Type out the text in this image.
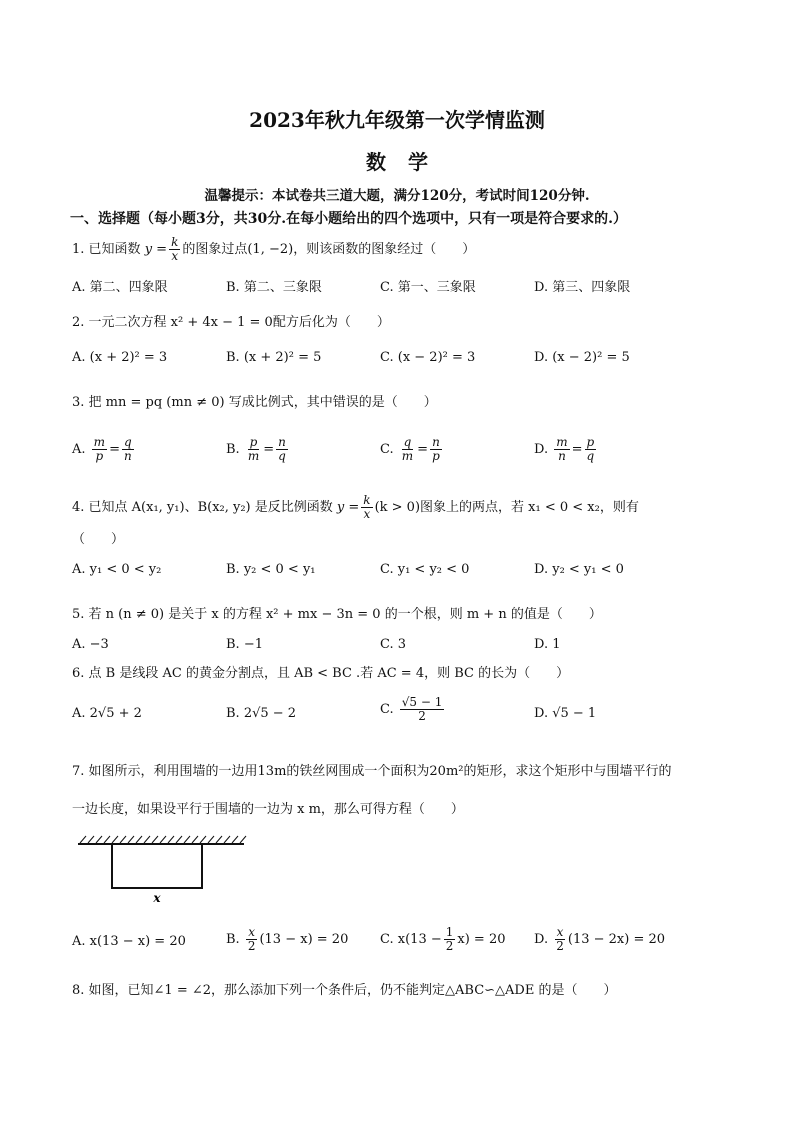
2023年秋九年级第一次学情监测
数学
温馨提示：本试卷共三道大题，满分120分，考试时间120分钟.
一、选择题（每小题3分，共30分.在每小题给出的四个选项中，只有一项是符合要求的.）
1. 已知函数 $y = \frac{k}{x}$ 的图象过点(1, −2)，则该函数的图象经过（　　）
A. 第二、四象限	B. 第二、三象限	C. 第一、三象限	D. 第三、四象限
2. 一元二次方程 x² + 4x − 1 = 0配方后化为（　　）
A. (x + 2)² = 3	B. (x + 2)² = 5	C. (x − 2)² = 3	D. (x − 2)² = 5
3. 把 mn = pq (mn ≠ 0) 写成比例式，其中错误的是（　　）
A. $\frac{m}{p} = \frac{q}{n}$	B. $\frac{p}{m} = \frac{n}{q}$	C. $\frac{q}{m} = \frac{n}{p}$	D. $\frac{m}{n} = \frac{p}{q}$
4. 已知点 A(x₁, y₁)、B(x₂, y₂) 是反比例函数 $y = \frac{k}{x} (k > 0)$图象上的两点，若 x₁ < 0 < x₂，则有
（　　）
A. y₁ < 0 < y₂	B. y₂ < 0 < y₁	C. y₁ < y₂ < 0	D. y₂ < y₁ < 0
5. 若 n (n ≠ 0) 是关于 x 的方程 x² + mx − 3n = 0 的一个根，则 m + n 的值是（　　）
A. −3	B. −1	C. 3	D. 1
6. 点 B 是线段 AC 的黄金分割点，且 AB < BC .若 AC = 4，则 BC 的长为（　　）
A. 2√5 + 2	B. 2√5 − 2	C. $\frac{√5 - 1}{2}$	D. √5 − 1
7. 如图所示，利用围墙的一边用13m的铁丝网围成一个面积为20m²的矩形，求这个矩形中与围墙平行的
一边长度，如果设平行于围墙的一边为 x m，那么可得方程（　　）
x
A. x(13 − x) = 20	B. $\frac{x}{2} (13 - x) = 20$ C. $x(13 - \frac{1}{2} x) = 20$ D. $\frac{x}{2} (13 - 2x) = 20$
8. 如图，已知∠1 = ∠2，那么添加下列一个条件后，仍不能判定△ABC∽△ADE 的是（　　）
